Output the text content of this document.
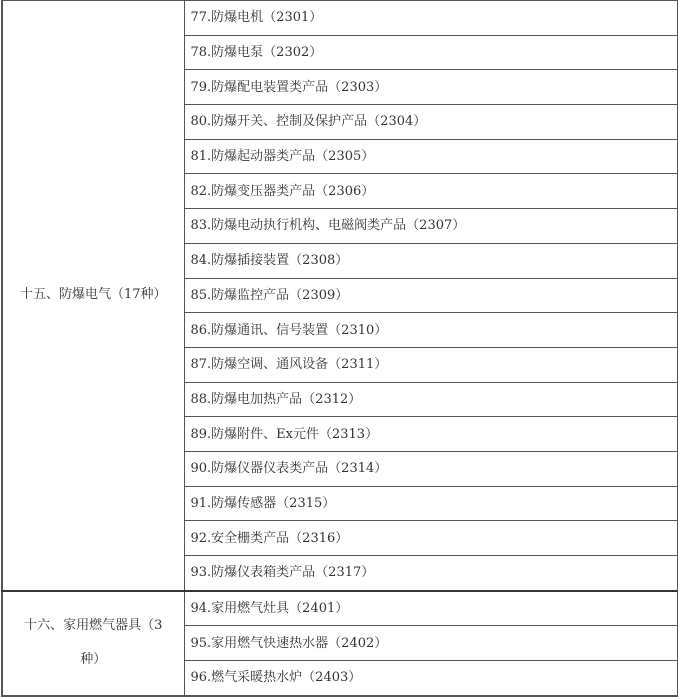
十五、防爆电气（17种）	77.防爆电机（2301）
	78.防爆电泵（2302）
	79.防爆配电装置类产品（2303）
	80.防爆开关、控制及保护产品（2304）
	81.防爆起动器类产品（2305）
	82.防爆变压器类产品（2306）
	83.防爆电动执行机构、电磁阀类产品（2307）
	84.防爆插接装置（2308）
	85.防爆监控产品（2309）
	86.防爆通讯、信号装置（2310）
	87.防爆空调、通风设备（2311）
	88.防爆电加热产品（2312）
	89.防爆附件、Ex元件（2313）
	90.防爆仪器仪表类产品（2314）
	91.防爆传感器（2315）
	92.安全栅类产品（2316）
	93.防爆仪表箱类产品（2317）
十六、家用燃气器具（3种）	94.家用燃气灶具（2401）
	95.家用燃气快速热水器（2402）
	96.燃气采暖热水炉（2403）
